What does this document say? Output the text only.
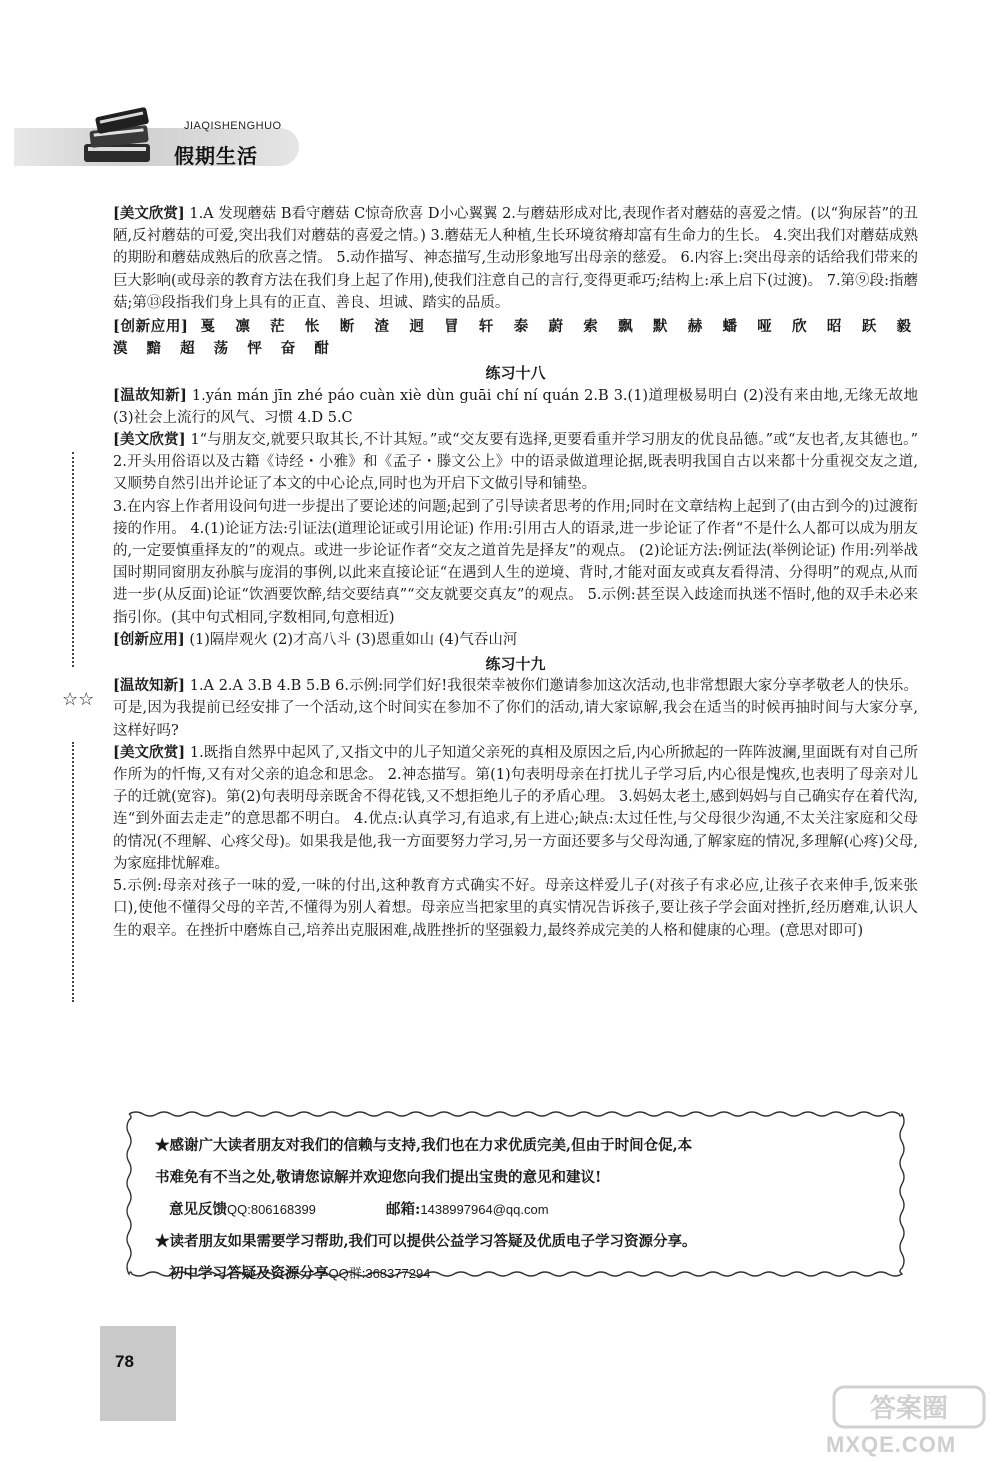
JIAQISHENGHUO
假期生活
☆☆

[美文欣赏] 1.A 发现蘑菇 B看守蘑菇 C惊奇欣喜 D小心翼翼 2.与蘑菇形成对比,表现作者对蘑菇的喜爱之情。(以“狗尿苔”的丑陋,反衬蘑菇的可爱,突出我们对蘑菇的喜爱之情。) 3.蘑菇无人种植,生长环境贫瘠却富有生命力的生长。 4.突出我们对蘑菇成熟的期盼和蘑菇成熟后的欣喜之情。 5.动作描写、神态描写,生动形象地写出母亲的慈爱。 6.内容上:突出母亲的话给我们带来的巨大影响(或母亲的教育方法在我们身上起了作用),使我们注意自己的言行,变得更乖巧;结构上:承上启下(过渡)。 7.第⑨段:指蘑菇;第⑬段指我们身上具有的正直、善良、坦诚、踏实的品质。

[创新应用] 戛 凛 茫 怅 断 渣 迥 冒 轩 泰 蔚 索 飘 默 赫 蟠 哑 欣 昭 跃 毅 漠 黯 超 荡 怦 奋 酣

练习十八

[温故知新] 1.yán mán jīn zhé páo cuàn xiè dùn guāi chí ní quán 2.B 3.(1)道理极易明白 (2)没有来由地,无缘无故地 (3)社会上流行的风气、习惯 4.D 5.C

[美文欣赏] 1“与朋友交,就要只取其长,不计其短。”或“交友要有选择,更要看重并学习朋友的优良品德。”或“友也者,友其德也。” 2.开头用俗语以及古籍《诗经・小雅》和《孟子・滕文公上》中的语录做道理论据,既表明我国自古以来都十分重视交友之道,又顺势自然引出并论证了本文的中心论点,同时也为开启下文做引导和铺垫。

3.在内容上作者用设问句进一步提出了要论述的问题;起到了引导读者思考的作用;同时在文章结构上起到了(由古到今的)过渡衔接的作用。 4.(1)论证方法:引证法(道理论证或引用论证) 作用:引用古人的语录,进一步论证了作者“不是什么人都可以成为朋友的,一定要慎重择友的”的观点。或进一步论证作者“交友之道首先是择友”的观点。 (2)论证方法:例证法(举例论证) 作用:列举战国时期同窗朋友孙膑与庞涓的事例,以此来直接论证“在遇到人生的逆境、背时,才能对面友或真友看得清、分得明”的观点,从而进一步(从反面)论证“饮酒要饮醉,结交要结真”“交友就要交真友”的观点。 5.示例:甚至误入歧途而执迷不悟时,他的双手未必来指引你。(其中句式相同,字数相同,句意相近)

[创新应用] (1)隔岸观火 (2)才高八斗 (3)恩重如山 (4)气吞山河

练习十九

[温故知新] 1.A 2.A 3.B 4.B 5.B 6.示例:同学们好!我很荣幸被你们邀请参加这次活动,也非常想跟大家分享孝敬老人的快乐。可是,因为我提前已经安排了一个活动,这个时间实在参加不了你们的活动,请大家谅解,我会在适当的时候再抽时间与大家分享,这样好吗?

[美文欣赏] 1.既指自然界中起风了,又指文中的儿子知道父亲死的真相及原因之后,内心所掀起的一阵阵波澜,里面既有对自己所作所为的忏悔,又有对父亲的追念和思念。 2.神态描写。第(1)句表明母亲在打扰儿子学习后,内心很是愧疚,也表明了母亲对儿子的迁就(宽容)。第(2)句表明母亲既舍不得花钱,又不想拒绝儿子的矛盾心理。 3.妈妈太老土,感到妈妈与自己确实存在着代沟,连“到外面去走走”的意思都不明白。 4.优点:认真学习,有追求,有上进心;缺点:太过任性,与父母很少沟通,不太关注家庭和父母的情况(不理解、心疼父母)。如果我是他,我一方面要努力学习,另一方面还要多与父母沟通,了解家庭的情况,多理解(心疼)父母,为家庭排忧解难。

5.示例:母亲对孩子一味的爱,一味的付出,这种教育方式确实不好。母亲这样爱儿子(对孩子有求必应,让孩子衣来伸手,饭来张口),使他不懂得父母的辛苦,不懂得为别人着想。母亲应当把家里的真实情况告诉孩子,要让孩子学会面对挫折,经历磨难,认识人生的艰辛。在挫折中磨炼自己,培养出克服困难,战胜挫折的坚强毅力,最终养成完美的人格和健康的心理。(意思对即可)

★感谢广大读者朋友对我们的信赖与支持,我们也在力求优质完美,但由于时间仓促,本
书难免有不当之处,敬请您谅解并欢迎您向我们提出宝贵的意见和建议!
意见反馈QQ:806168399	邮箱:1438997964@qq.com
★读者朋友如果需要学习帮助,我们可以提供公益学习答疑及优质电子学习资源分享。
初中学习答疑及资源分享QQ群:368377294
78
答案圈
MXQE.COM
